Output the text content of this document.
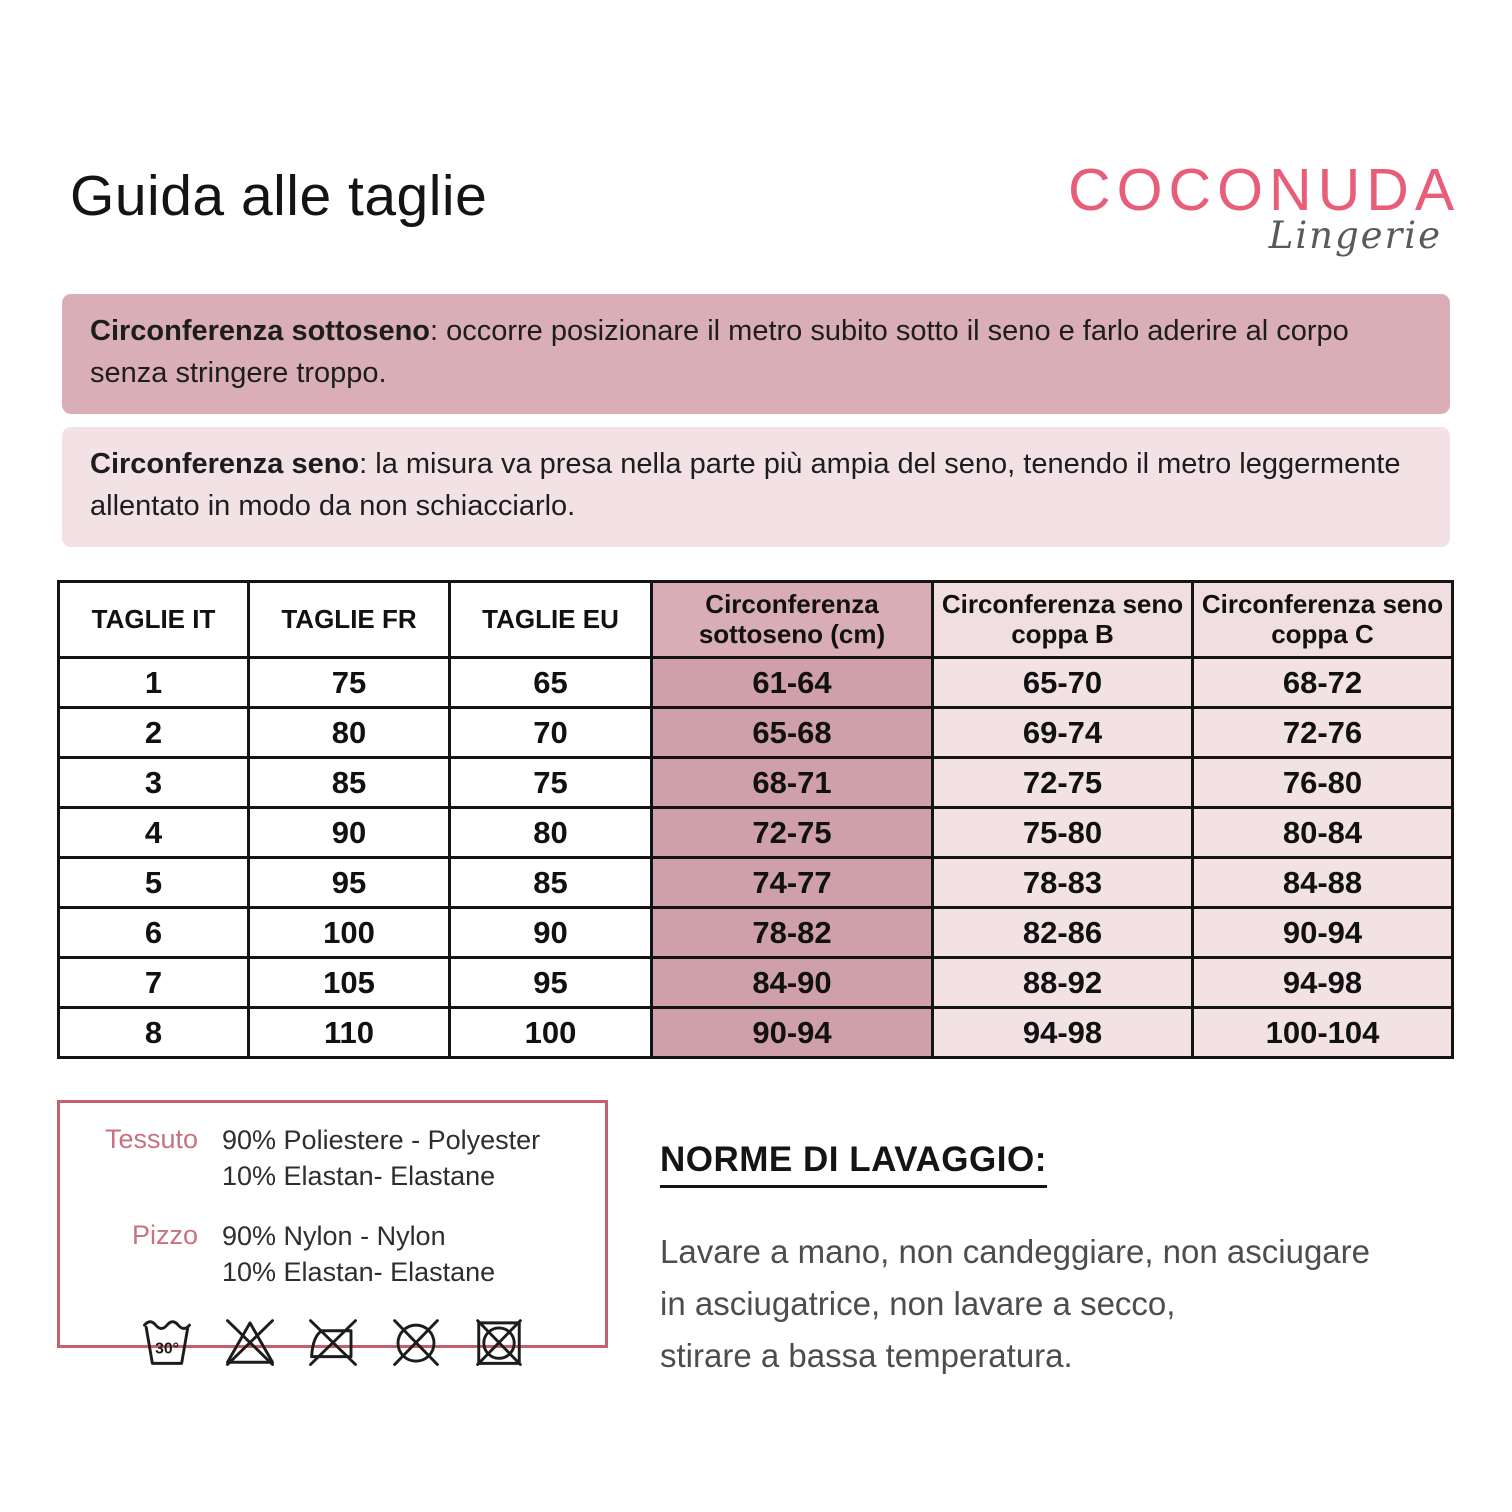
Guida alle taglie	COCONUDA
Lingerie

Circonferenza sottoseno: occorre posizionare il metro subito sotto il seno e farlo aderire al corpo senza stringere troppo.

Circonferenza seno: la misura va presa nella parte più ampia del seno, tenendo il metro leggermente allentato in modo da non schiacciarlo.

TAGLIE IT	TAGLIE FR	TAGLIE EU	Circonferenza sottoseno (cm)	Circonferenza seno coppa B	Circonferenza seno coppa C
1	75	65	61-64	65-70	68-72
2	80	70	65-68	69-74	72-76
3	85	75	68-71	72-75	76-80
4	90	80	72-75	75-80	80-84
5	95	85	74-77	78-83	84-88
6	100	90	78-82	82-86	90-94
7	105	95	84-90	88-92	94-98
8	110	100	90-94	94-98	100-104
Tessuto 90% Poliestere - Polyester
10% Elastan- Elastane
Pizzo 90% Nylon - Nylon
10% Elastan- Elastane
30°
NORME DI LAVAGGIO:
Lavare a mano, non candeggiare, non asciugare
in asciugatrice, non lavare a secco,
stirare a bassa temperatura.
